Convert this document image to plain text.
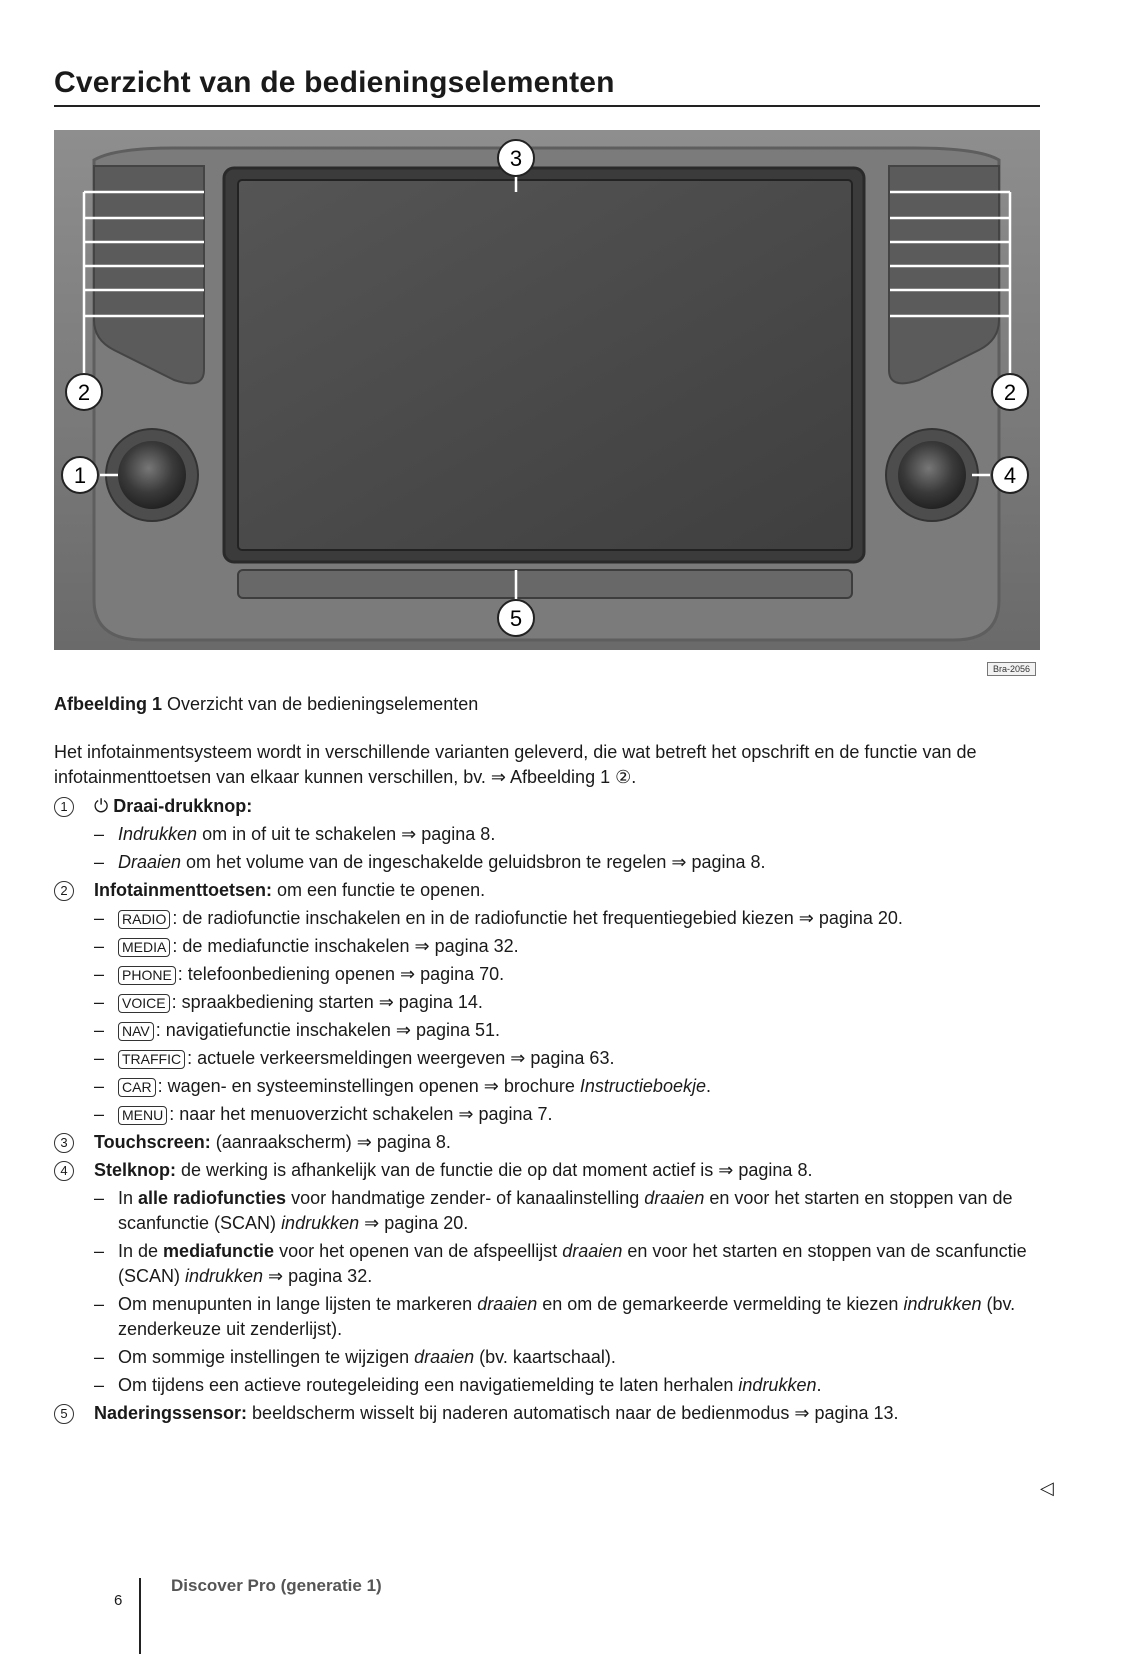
Cverzicht van de bedieningselementen
1
2	2
3
4
5
Bra-2056
Afbeelding 1 Overzicht van de bedieningselementen
Het infotainmentsysteem wordt in verschillende varianten geleverd, die wat betreft het opschrift en de functie van de infotainmenttoetsen van elkaar kunnen verschillen, bv. ⇒ Afbeelding 1 ②.
1	⏻ Draai-drukknop:
– Indrukken om in of uit te schakelen ⇒ pagina 8.
– Draaien om het volume van de ingeschakelde geluidsbron te regelen ⇒ pagina 8.
2	Infotainmenttoetsen: om een functie te openen.
– RADIO : de radiofunctie inschakelen en in de radiofunctie het frequentiegebied kiezen ⇒ pagina 20.
– MEDIA : de mediafunctie inschakelen ⇒ pagina 32.
– PHONE : telefoonbediening openen ⇒ pagina 70.
– VOICE : spraakbediening starten ⇒ pagina 14.
– NAV : navigatiefunctie inschakelen ⇒ pagina 51.
– TRAFFIC : actuele verkeersmeldingen weergeven ⇒ pagina 63.
– CAR : wagen- en systeeminstellingen openen ⇒ brochure Instructieboekje.
– MENU : naar het menuoverzicht schakelen ⇒ pagina 7.
3	Touchscreen: (aanraakscherm) ⇒ pagina 8.
4	Stelknop: de werking is afhankelijk van de functie die op dat moment actief is ⇒ pagina 8.
– In alle radiofuncties voor handmatige zender- of kanaalinstelling draaien en voor het starten en stoppen van de scanfunctie (SCAN) indrukken ⇒ pagina 20.
– In de mediafunctie voor het openen van de afspeellijst draaien en voor het starten en stoppen van de scanfunctie (SCAN) indrukken ⇒ pagina 32.
– Om menupunten in lange lijsten te markeren draaien en om de gemarkeerde vermelding te kiezen indrukken (bv. zenderkeuze uit zenderlijst).
– Om sommige instellingen te wijzigen draaien (bv. kaartschaal).
– Om tijdens een actieve routegeleiding een navigatiemelding te laten herhalen indrukken.
5	Naderingssensor: beeldscherm wisselt bij naderen automatisch naar de bedienmodus ⇒ pagina 13.
◁
6
Discover Pro (generatie 1)
